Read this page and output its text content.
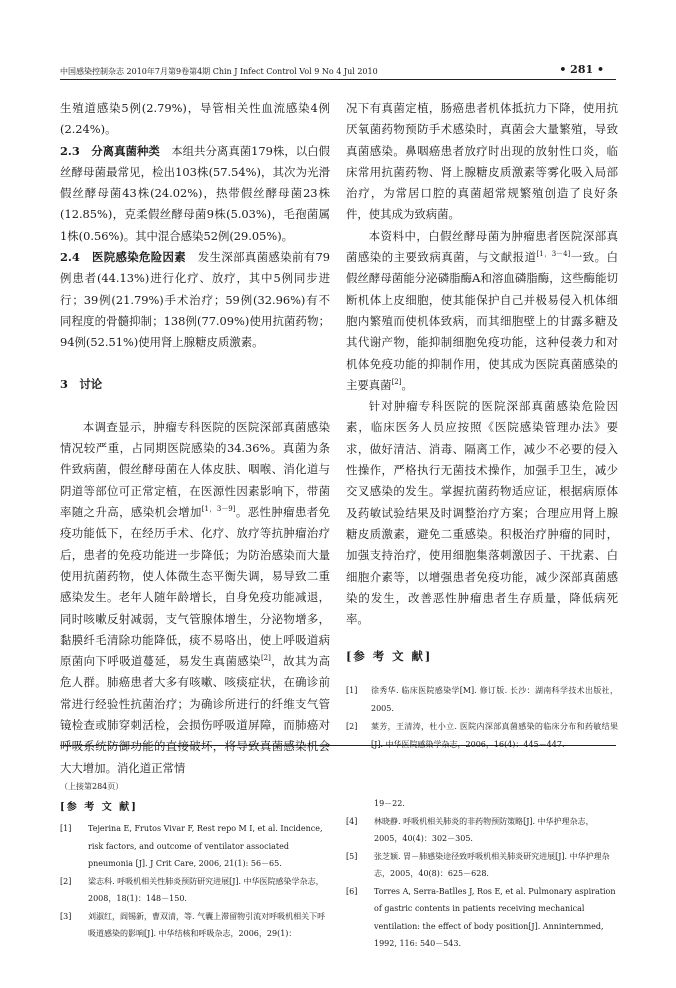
中国感染控制杂志 2010年7月第9卷第4期 Chin J Infect Control Vol 9 No 4 Jul 2010	• 281 •

生殖道感染5例(2.79%)，导管相关性血流感染4例(2.24%)。

2.3　分离真菌种类　本组共分离真菌179株，以白假丝酵母菌最常见，检出103株(57.54%)，其次为光滑假丝酵母菌43株(24.02%)，热带假丝酵母菌23株(12.85%)，克柔假丝酵母菌9株(5.03%)，毛孢菌属1株(0.56%)。其中混合感染52例(29.05%)。

2.4　医院感染危险因素　发生深部真菌感染前有79例患者(44.13%)进行化疗、放疗，其中5例同步进行；39例(21.79%)手术治疗；59例(32.96%)有不同程度的骨髓抑制；138例(77.09%)使用抗菌药物；94例(52.51%)使用肾上腺糖皮质激素。

3　讨论

本调查显示，肿瘤专科医院的医院深部真菌感染情况较严重，占同期医院感染的34.36%。真菌为条件致病菌，假丝酵母菌在人体皮肤、咽喉、消化道与阴道等部位可正常定植，在医源性因素影响下，带菌率随之升高，感染机会增加[1，3－9]。恶性肿瘤患者免疫功能低下，在经历手术、化疗、放疗等抗肿瘤治疗后，患者的免疫功能进一步降低；为防治感染而大量使用抗菌药物，使人体微生态平衡失调，易导致二重感染发生。老年人随年龄增长，自身免疫功能减退，同时咳嗽反射减弱，支气管腺体增生，分泌物增多，黏膜纤毛清除功能降低，痰不易咯出，使上呼吸道病原菌向下呼吸道蔓延，易发生真菌感染[2]，故其为高危人群。肺癌患者大多有咳嗽、咳痰症状，在确诊前常进行经验性抗菌治疗；为确诊所进行的纤维支气管镜检查或肺穿刺活检，会损伤呼吸道屏障，而肺癌对呼吸系统防御功能的直接破坏，将导致真菌感染机会大大增加。消化道正常情

况下有真菌定植，肠癌患者机体抵抗力下降，使用抗厌氧菌药物预防手术感染时，真菌会大量繁殖，导致真菌感染。鼻咽癌患者放疗时出现的放射性口炎，临床常用抗菌药物、肾上腺糖皮质激素等雾化吸入局部治疗，为常居口腔的真菌超常规繁殖创造了良好条件，使其成为致病菌。

本资料中，白假丝酵母菌为肿瘤患者医院深部真菌感染的主要致病真菌，与文献报道[1，3－4]一致。白假丝酵母菌能分泌磷脂酶A和溶血磷脂酶，这些酶能切断机体上皮细胞，使其能保护自己并极易侵入机体细胞内繁殖而使机体致病，而其细胞壁上的甘露多糖及其代谢产物，能抑制细胞免疫功能，这种侵袭力和对机体免疫功能的抑制作用，使其成为医院真菌感染的主要真菌[2]。

针对肿瘤专科医院的医院深部真菌感染危险因素，临床医务人员应按照《医院感染管理办法》要求，做好清洁、消毒、隔离工作，减少不必要的侵入性操作，严格执行无菌技术操作，加强手卫生，减少交叉感染的发生。掌握抗菌药物适应证，根据病原体及药敏试验结果及时调整治疗方案；合理应用肾上腺糖皮质激素，避免二重感染。积极治疗肿瘤的同时，加强支持治疗，使用细胞集落刺激因子、干扰素、白细胞介素等，以增强患者免疫功能，减少深部真菌感染的发生，改善恶性肿瘤患者生存质量，降低病死率。

[参 考 文 献]
[1]	徐秀华. 临床医院感染学[M]. 修订版. 长沙：湖南科学技术出版社，2005.
[2]	葉芳，王清涛，杜小立. 医院内深部真菌感染的临床分布和药敏结果[J]. 中华医院感染学杂志，2006，16(4)：445－447.
（上接第284页）
[参 考 文 献]
[1]	Tejerina E, Frutos Vivar F, Rest repo M I, et al. Incidence, risk factors, and outcome of ventilator associated pneumonia [J]. J Crit Care, 2006, 21(1): 56－65.
[2]	梁志科. 呼吸机相关性肺炎预防研究进展[J]. 中华医院感染学杂志，2008，18(1)：148－150.
[3]	刘淑红，阎锡新，曹双清，等. 气囊上滞留物引流对呼吸机相关下呼吸道感染的影响[J]. 中华结核和呼吸杂志，2006，29(1)：
19－22.
[4]	林晓静. 呼吸机相关肺炎的非药物预防策略[J]. 中华护理杂志，2005，40(4)：302－305.
[5]	张芝颖. 胃－肺感染途径致呼吸机相关肺炎研究进展[J]. 中华护理杂志，2005，40(8)：625－628.
[6]	Torres A, Serra-Batlles J, Ros E, et al. Pulmonary aspiration of gastric contents in patients receiving mechanical ventilation: the effect of body position[J]. Anninternmed, 1992, 116: 540－543.
